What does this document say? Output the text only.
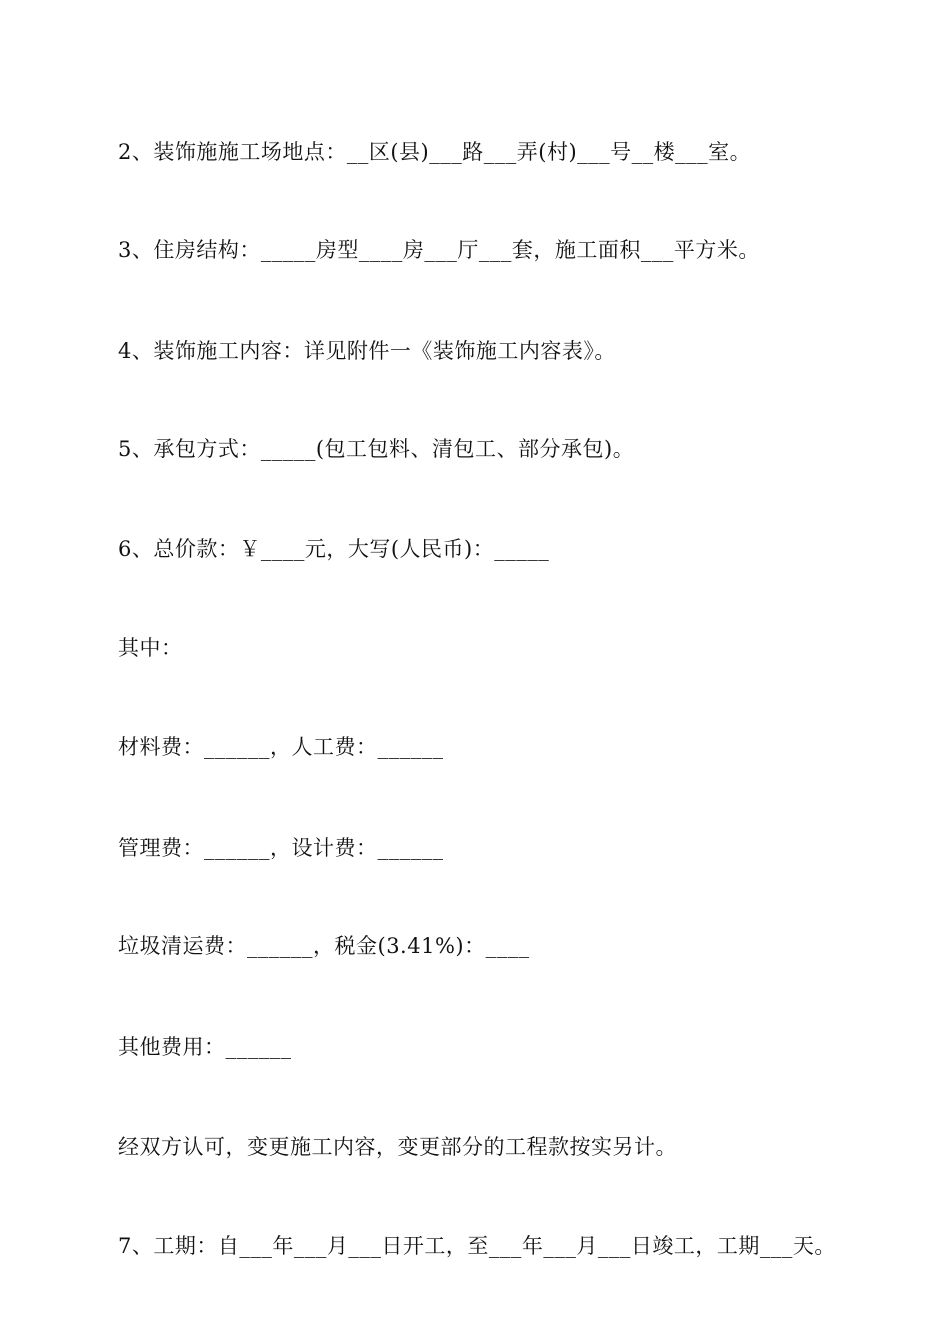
2、装饰施施工场地点：__区(县)___路___弄(村)___号__楼___室。
3、住房结构：_____房型____房___厅___套，施工面积___平方米。
4、装饰施工内容：详见附件一《装饰施工内容表》。
5、承包方式：_____(包工包料、清包工、部分承包)。
6、总价款：￥____元，大写(人民币)：_____
其中：
材料费：______，人工费：______
管理费：______，设计费：______
垃圾清运费：______，税金(3.41%)：____
其他费用：______
经双方认可，变更施工内容，变更部分的工程款按实另计。
7、工期：自___年___月___日开工，至___年___月___日竣工，工期___天。
